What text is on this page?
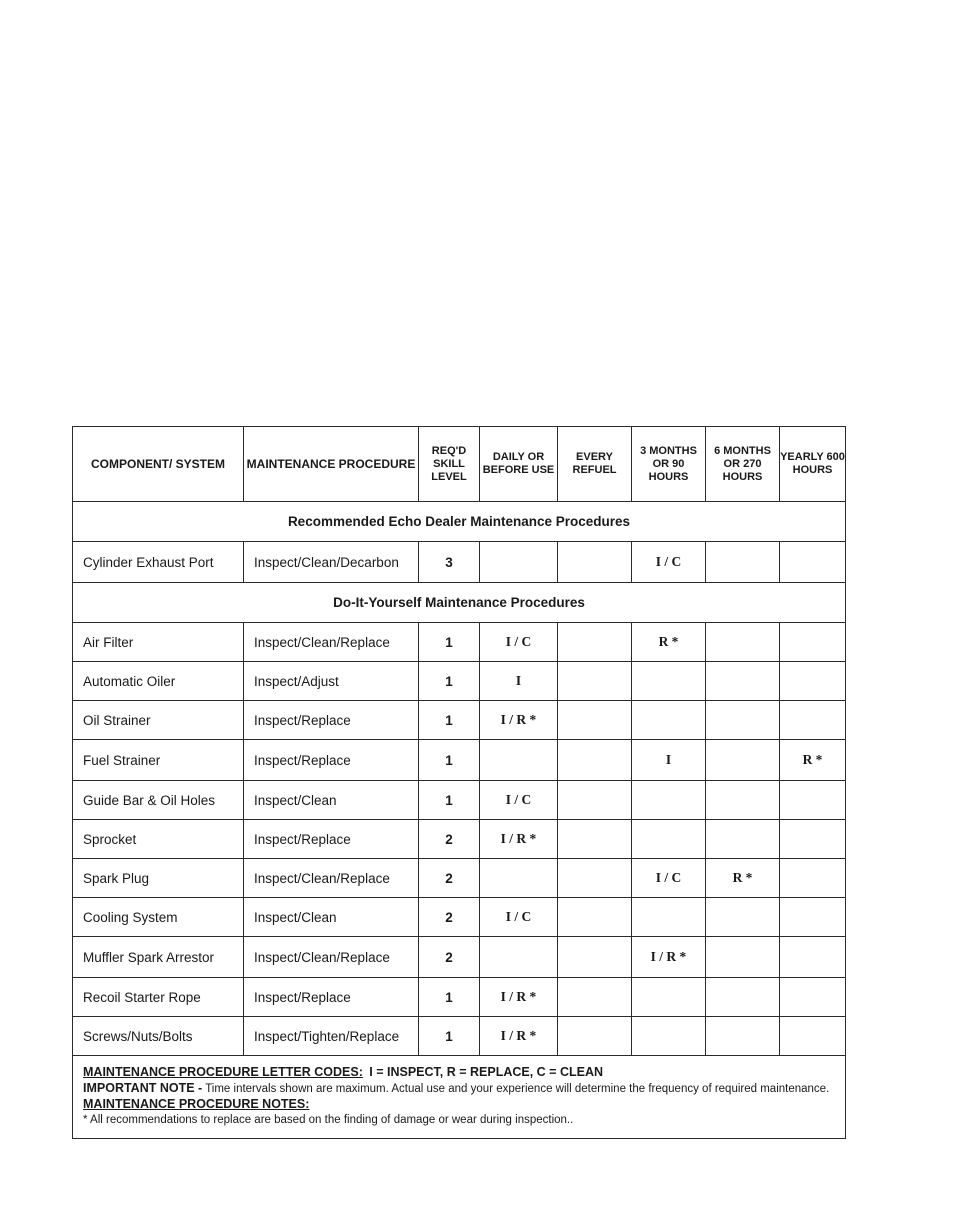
COMPONENT/ SYSTEM	MAINTENANCE PROCEDURE	REQ'D SKILL LEVEL	DAILY OR BEFORE USE	EVERY REFUEL	3 MONTHS OR 90 HOURS	6 MONTHS OR 270 HOURS	YEARLY 600 HOURS
Recommended Echo Dealer Maintenance Procedures							
Cylinder Exhaust Port	Inspect/Clean/Decarbon	3			I / C		
Do-It-Yourself Maintenance Procedures							
Air Filter	Inspect/Clean/Replace	1	I / C		R *		
Automatic Oiler	Inspect/Adjust	1	I				
Oil Strainer	Inspect/Replace	1	I / R *				
Fuel Strainer	Inspect/Replace	1			I		R *
Guide Bar & Oil Holes	Inspect/Clean	1	I / C				
Sprocket	Inspect/Replace	2	I / R *				
Spark Plug	Inspect/Clean/Replace	2			I / C	R *	
Cooling System	Inspect/Clean	2	I / C				
Muffler Spark Arrestor	Inspect/Clean/Replace	2			I / R *		
Recoil Starter Rope	Inspect/Replace	1	I / R *				
Screws/Nuts/Bolts	Inspect/Tighten/Replace	1	I / R *				

MAINTENANCE PROCEDURE LETTER CODES: I = INSPECT, R = REPLACE, C = CLEAN
IMPORTANT NOTE - Time intervals shown are maximum. Actual use and your experience will determine the frequency of required maintenance.
MAINTENANCE PROCEDURE NOTES:
* All recommendations to replace are based on the finding of damage or wear during inspection..							
